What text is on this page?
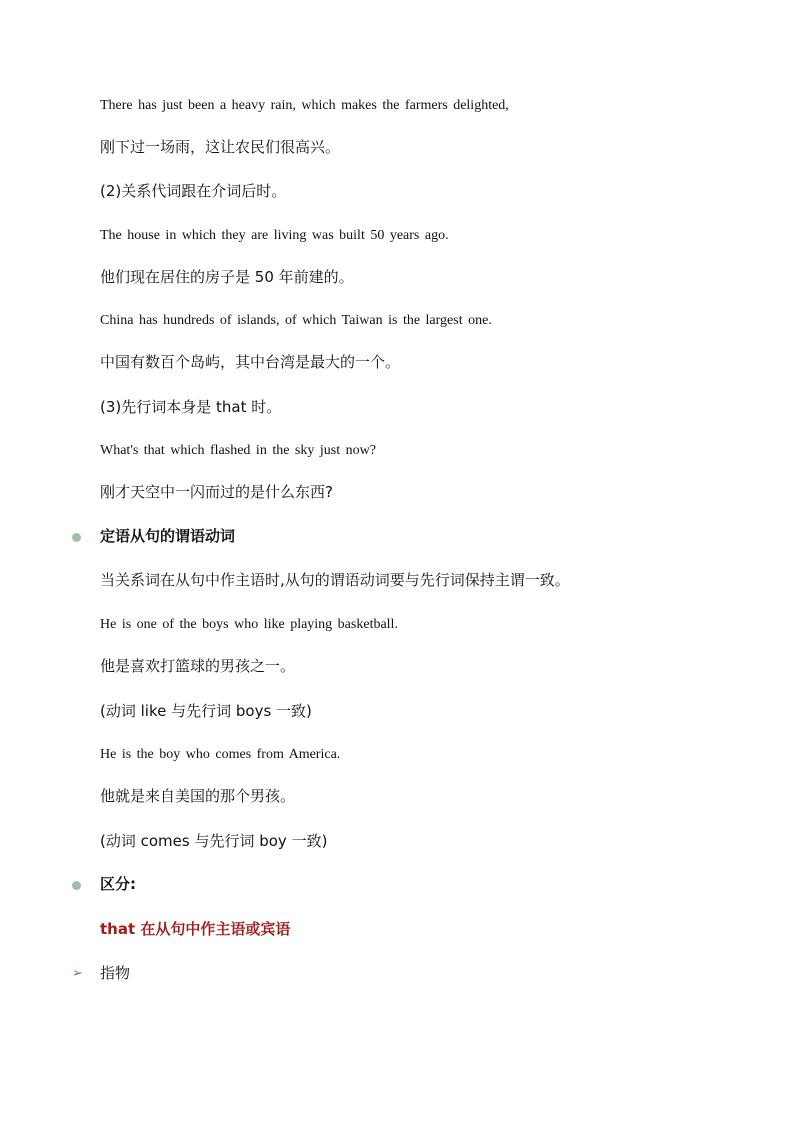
There has just been a heavy rain, which makes the farmers delighted,
刚下过一场雨，这让农民们很高兴。
(2)关系代词跟在介词后时。
The house in which they are living was built 50 years ago.
他们现在居住的房子是 50 年前建的。
China has hundreds of islands, of which Taiwan is the largest one.
中国有数百个岛屿，其中台湾是最大的一个。
(3)先行词本身是 that 时。
What's that which flashed in the sky just now?
刚才天空中一闪而过的是什么东西?
定语从句的谓语动词
当关系词在从句中作主语时,从句的谓语动词要与先行词保持主谓一致。
He is one of the boys who like playing basketball.
他是喜欢打篮球的男孩之一。
(动词 like 与先行词 boys 一致)
He is the boy who comes from America.
他就是来自美国的那个男孩。
(动词 comes 与先行词 boy 一致)
区分:
that 在从句中作主语或宾语
➢ 指物
